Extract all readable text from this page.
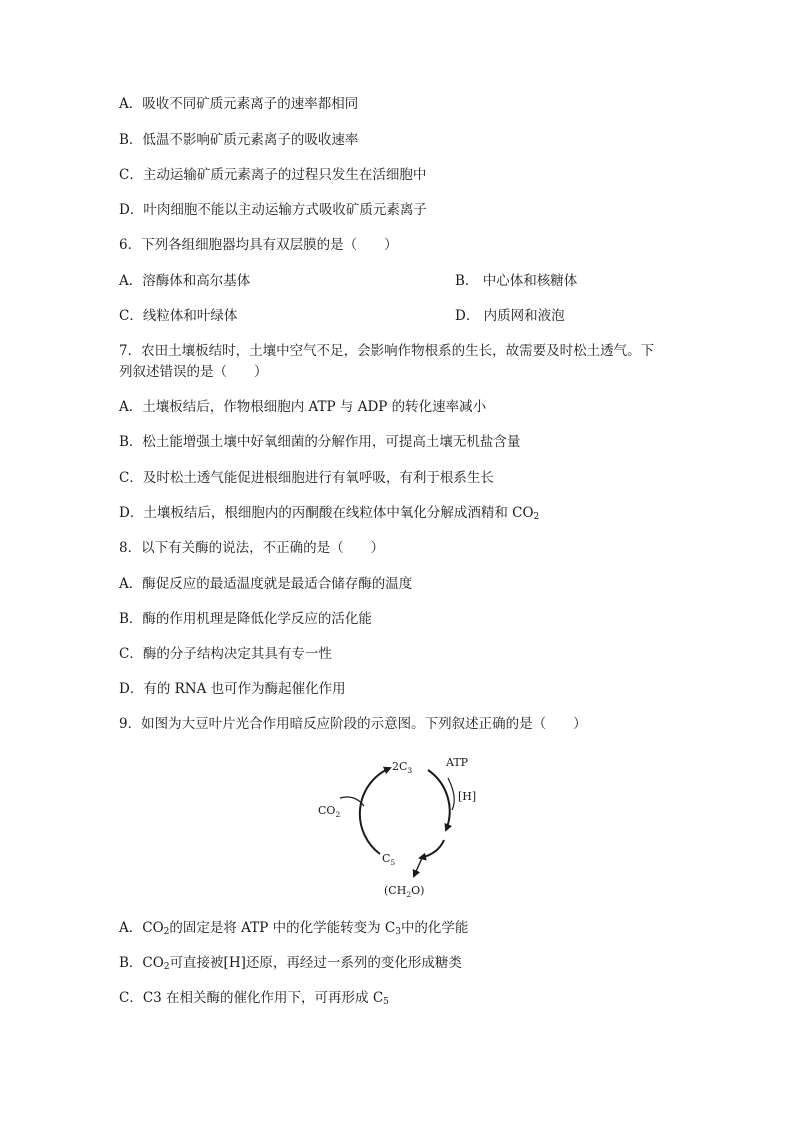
A．吸收不同矿质元素离子的速率都相同

B．低温不影响矿质元素离子的吸收速率

C．主动运输矿质元素离子的过程只发生在活细胞中

D．叶肉细胞不能以主动运输方式吸收矿质元素离子

6．下列各组细胞器均具有双层膜的是（　　）

A．溶酶体和高尔基体	B． 中心体和核糖体

C．线粒体和叶绿体	D． 内质网和液泡

7．农田土壤板结时，土壤中空气不足，会影响作物根系的生长，故需要及时松土透气。下

列叙述错误的是（　　）

A．土壤板结后，作物根细胞内 ATP 与 ADP 的转化速率减小

B．松土能增强土壤中好氧细菌的分解作用，可提高土壤无机盐含量

C．及时松土透气能促进根细胞进行有氧呼吸，有利于根系生长

D．土壤板结后，根细胞内的丙酮酸在线粒体中氧化分解成酒精和 $CO_2$

8．以下有关酶的说法，不正确的是（　　）

A．酶促反应的最适温度就是最适合储存酶的温度

B．酶的作用机理是降低化学反应的活化能

C．酶的分子结构决定其具有专一性

D．有的 RNA 也可作为酶起催化作用

9．如图为大豆叶片光合作用暗反应阶段的示意图。下列叙述正确的是（　　）

$2C_3$
ATP
[H]
$CO_2$
$C_5$
$(CH_2O)$

A．$CO_2$的固定是将 ATP 中的化学能转变为 $C_3$中的化学能

B．$CO_2$可直接被[H]还原，再经过一系列的变化形成糖类

C．C3 在相关酶的催化作用下，可再形成 $C_5$
